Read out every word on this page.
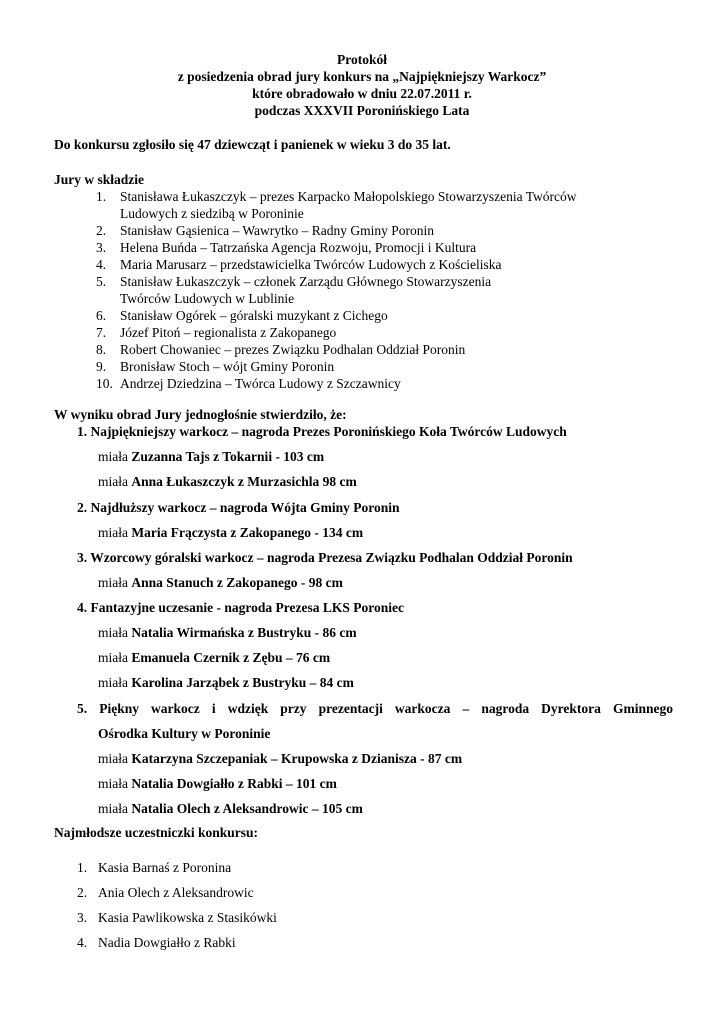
Protokół
z posiedzenia obrad jury konkurs na „Najpiękniejszy Warkocz”
które obradowało w dniu 22.07.2011 r.
podczas XXXVII Poronińskiego Lata
Do konkursu zgłosiło się 47 dziewcząt i panienek w wieku 3 do 35 lat.
Jury w składzie
1. Stanisława Łukaszczyk – prezes Karpacko Małopolskiego Stowarzyszenia Twórców
Ludowych z siedzibą w Poroninie
2. Stanisław Gąsienica – Wawrytko – Radny Gminy Poronin
3. Helena Buńda – Tatrzańska Agencja Rozwoju, Promocji i Kultura
4. Maria Marusarz – przedstawicielka Twórców Ludowych z Kościeliska
5. Stanisław Łukaszczyk – członek Zarządu Głównego Stowarzyszenia
Twórców Ludowych w Lublinie
6. Stanisław Ogórek – góralski muzykant z Cichego
7. Józef Pitoń – regionalista z Zakopanego
8. Robert Chowaniec – prezes Związku Podhalan Oddział Poronin
9. Bronisław Stoch – wójt Gminy Poronin
10. Andrzej Dziedzina – Twórca Ludowy z Szczawnicy
W wyniku obrad Jury jednogłośnie stwierdziło, że:
1. Najpiękniejszy warkocz – nagroda Prezes Poronińskiego Koła Twórców Ludowych
miała Zuzanna Tajs z Tokarnii - 103 cm
miała Anna Łukaszczyk z Murzasichla 98 cm
2. Najdłuższy warkocz – nagroda Wójta Gminy Poronin
miała Maria Frączysta z Zakopanego - 134 cm
3. Wzorcowy góralski warkocz – nagroda Prezesa Związku Podhalan Oddział Poronin
miała Anna Stanuch z Zakopanego - 98 cm
4. Fantazyjne uczesanie - nagroda Prezesa LKS Poroniec
miała Natalia Wirmańska z Bustryku - 86 cm
miała Emanuela Czernik z Zębu – 76 cm
miała Karolina Jarząbek z Bustryku – 84 cm
5. Piękny warkocz i wdzięk przy prezentacji warkocza – nagroda Dyrektora Gminnego
Ośrodka Kultury w Poroninie
miała Katarzyna Szczepaniak – Krupowska z Dzianisza - 87 cm
miała Natalia Dowgiałło z Rabki – 101 cm
miała Natalia Olech z Aleksandrowic – 105 cm
Najmłodsze uczestniczki konkursu:
1. Kasia Barnaś z Poronina
2. Ania Olech z Aleksandrowic
3. Kasia Pawlikowska z Stasikówki
4. Nadia Dowgiałło z Rabki
